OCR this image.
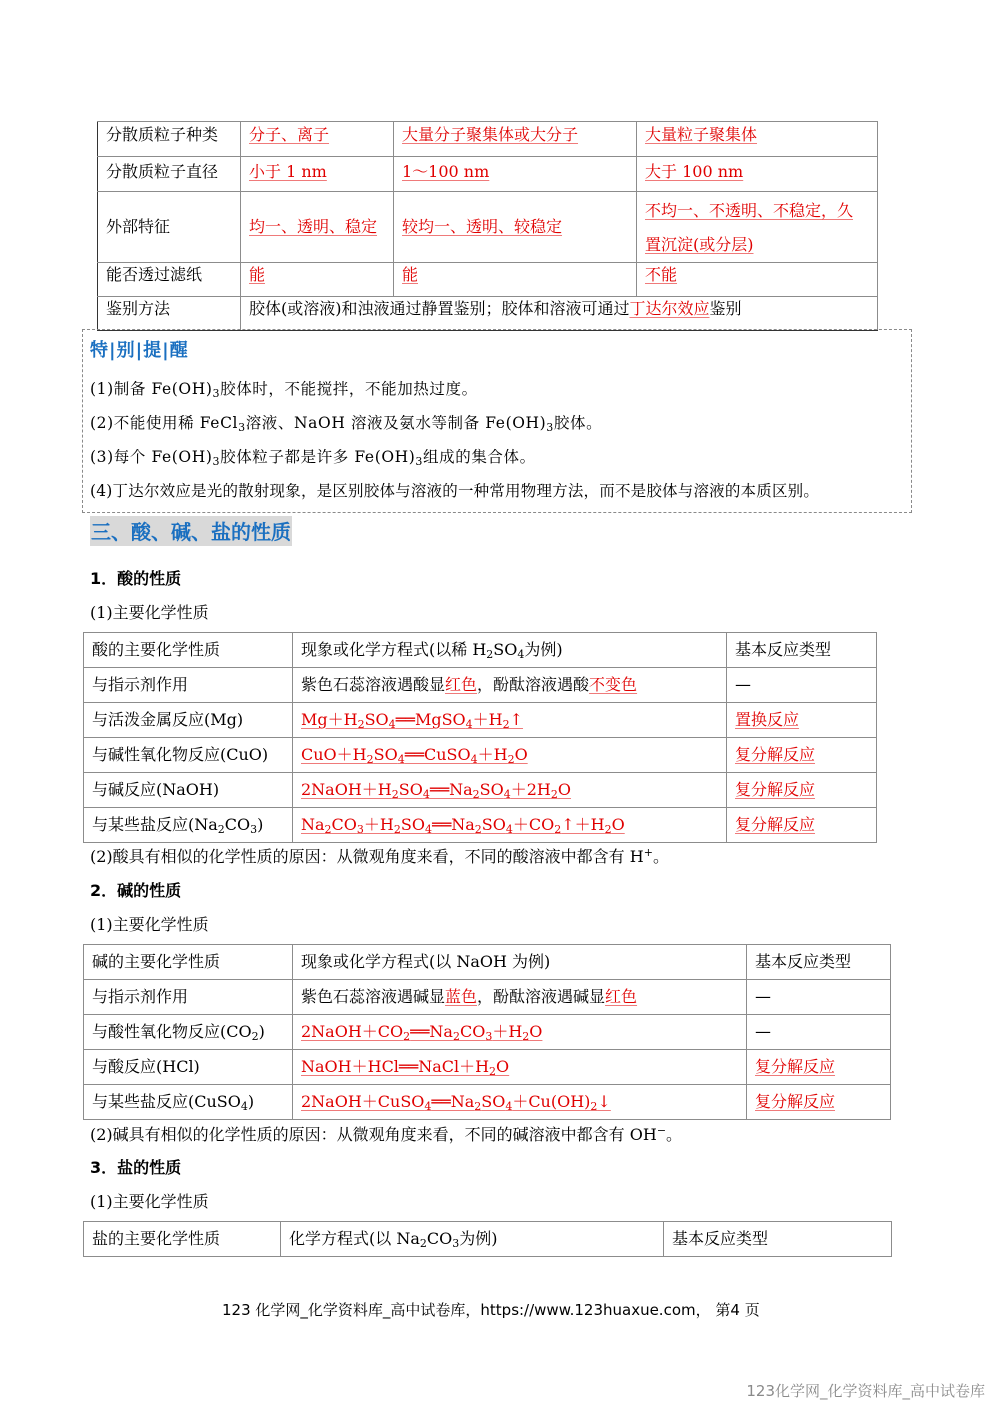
分散质粒子种类	分子、离子	大量分子聚集体或大分子	大量粒子聚集体
分散质粒子直径	小于 1 nm	1～100 nm	大于 100 nm
外部特征	均一、透明、稳定	较均一、透明、较稳定	不均一、不透明、不稳定，久
置沉淀(或分层)
能否透过滤纸	能	能	不能
鉴别方法	胶体(或溶液)和浊液通过静置鉴别；胶体和溶液可通过丁达尔效应鉴别		
特|别|提|醒
(1)制备 $Fe(OH)_3$胶体时，不能搅拌，不能加热过度。
(2)不能使用稀 FeCl$_3$溶液、NaOH 溶液及氨水等制备 $Fe(OH)_3$胶体。
(3)每个 $Fe(OH)_3$胶体粒子都是许多 $Fe(OH)_3$组成的集合体。
(4)丁达尔效应是光的散射现象，是区别胶体与溶液的一种常用物理方法，而不是胶体与溶液的本质区别。
三、酸、碱、盐的性质
1．酸的性质
(1)主要化学性质
酸的主要化学性质	现象或化学方程式(以稀 $H_2SO_4$为例)	基本反应类型
与指示剂作用	紫色石蕊溶液遇酸显红色，酚酞溶液遇酸不变色	—
与活泼金属反应(Mg)	$Mg+H_2SO_4══MgSO_4+H_2↑$	置换反应
与碱性氧化物反应(CuO)	$CuO+H_2SO_4══CuSO_4+H_2O$	复分解反应
与碱反应(NaOH)	$2NaOH+H_2SO_4══Na_2SO_4+2H_2O$	复分解反应
与某些盐反应$(Na_2CO_3)$	$Na_2CO_3+H_2SO_4══Na_2SO_4+CO_2↑+H_2O$	复分解反应
(2)酸具有相似的化学性质的原因：从微观角度来看，不同的酸溶液中都含有 H+。
2．碱的性质
(1)主要化学性质
碱的主要化学性质	现象或化学方程式(以 NaOH 为例)	基本反应类型
与指示剂作用	紫色石蕊溶液遇碱显蓝色，酚酞溶液遇碱显红色	—
与酸性氧化物反应$(CO_2)$	$2NaOH+CO_2══Na_2CO_3+H_2O$	—
与酸反应(HCl)	$NaOH+HCl══NaCl+H_2O$	复分解反应
与某些盐反应(CuSO$_4$)	$2NaOH+CuSO_4══Na_2SO_4+Cu(OH)_2↓$	复分解反应
(2)碱具有相似的化学性质的原因：从微观角度来看，不同的碱溶液中都含有 OH−。
3．盐的性质
(1)主要化学性质
盐的主要化学性质	化学方程式(以 $Na_2CO_3$为例)	基本反应类型
123 化学网_化学资料库_高中试卷库，https://www.123huaxue.com， 第4 页
123化学网_化学资料库_高中试卷库
